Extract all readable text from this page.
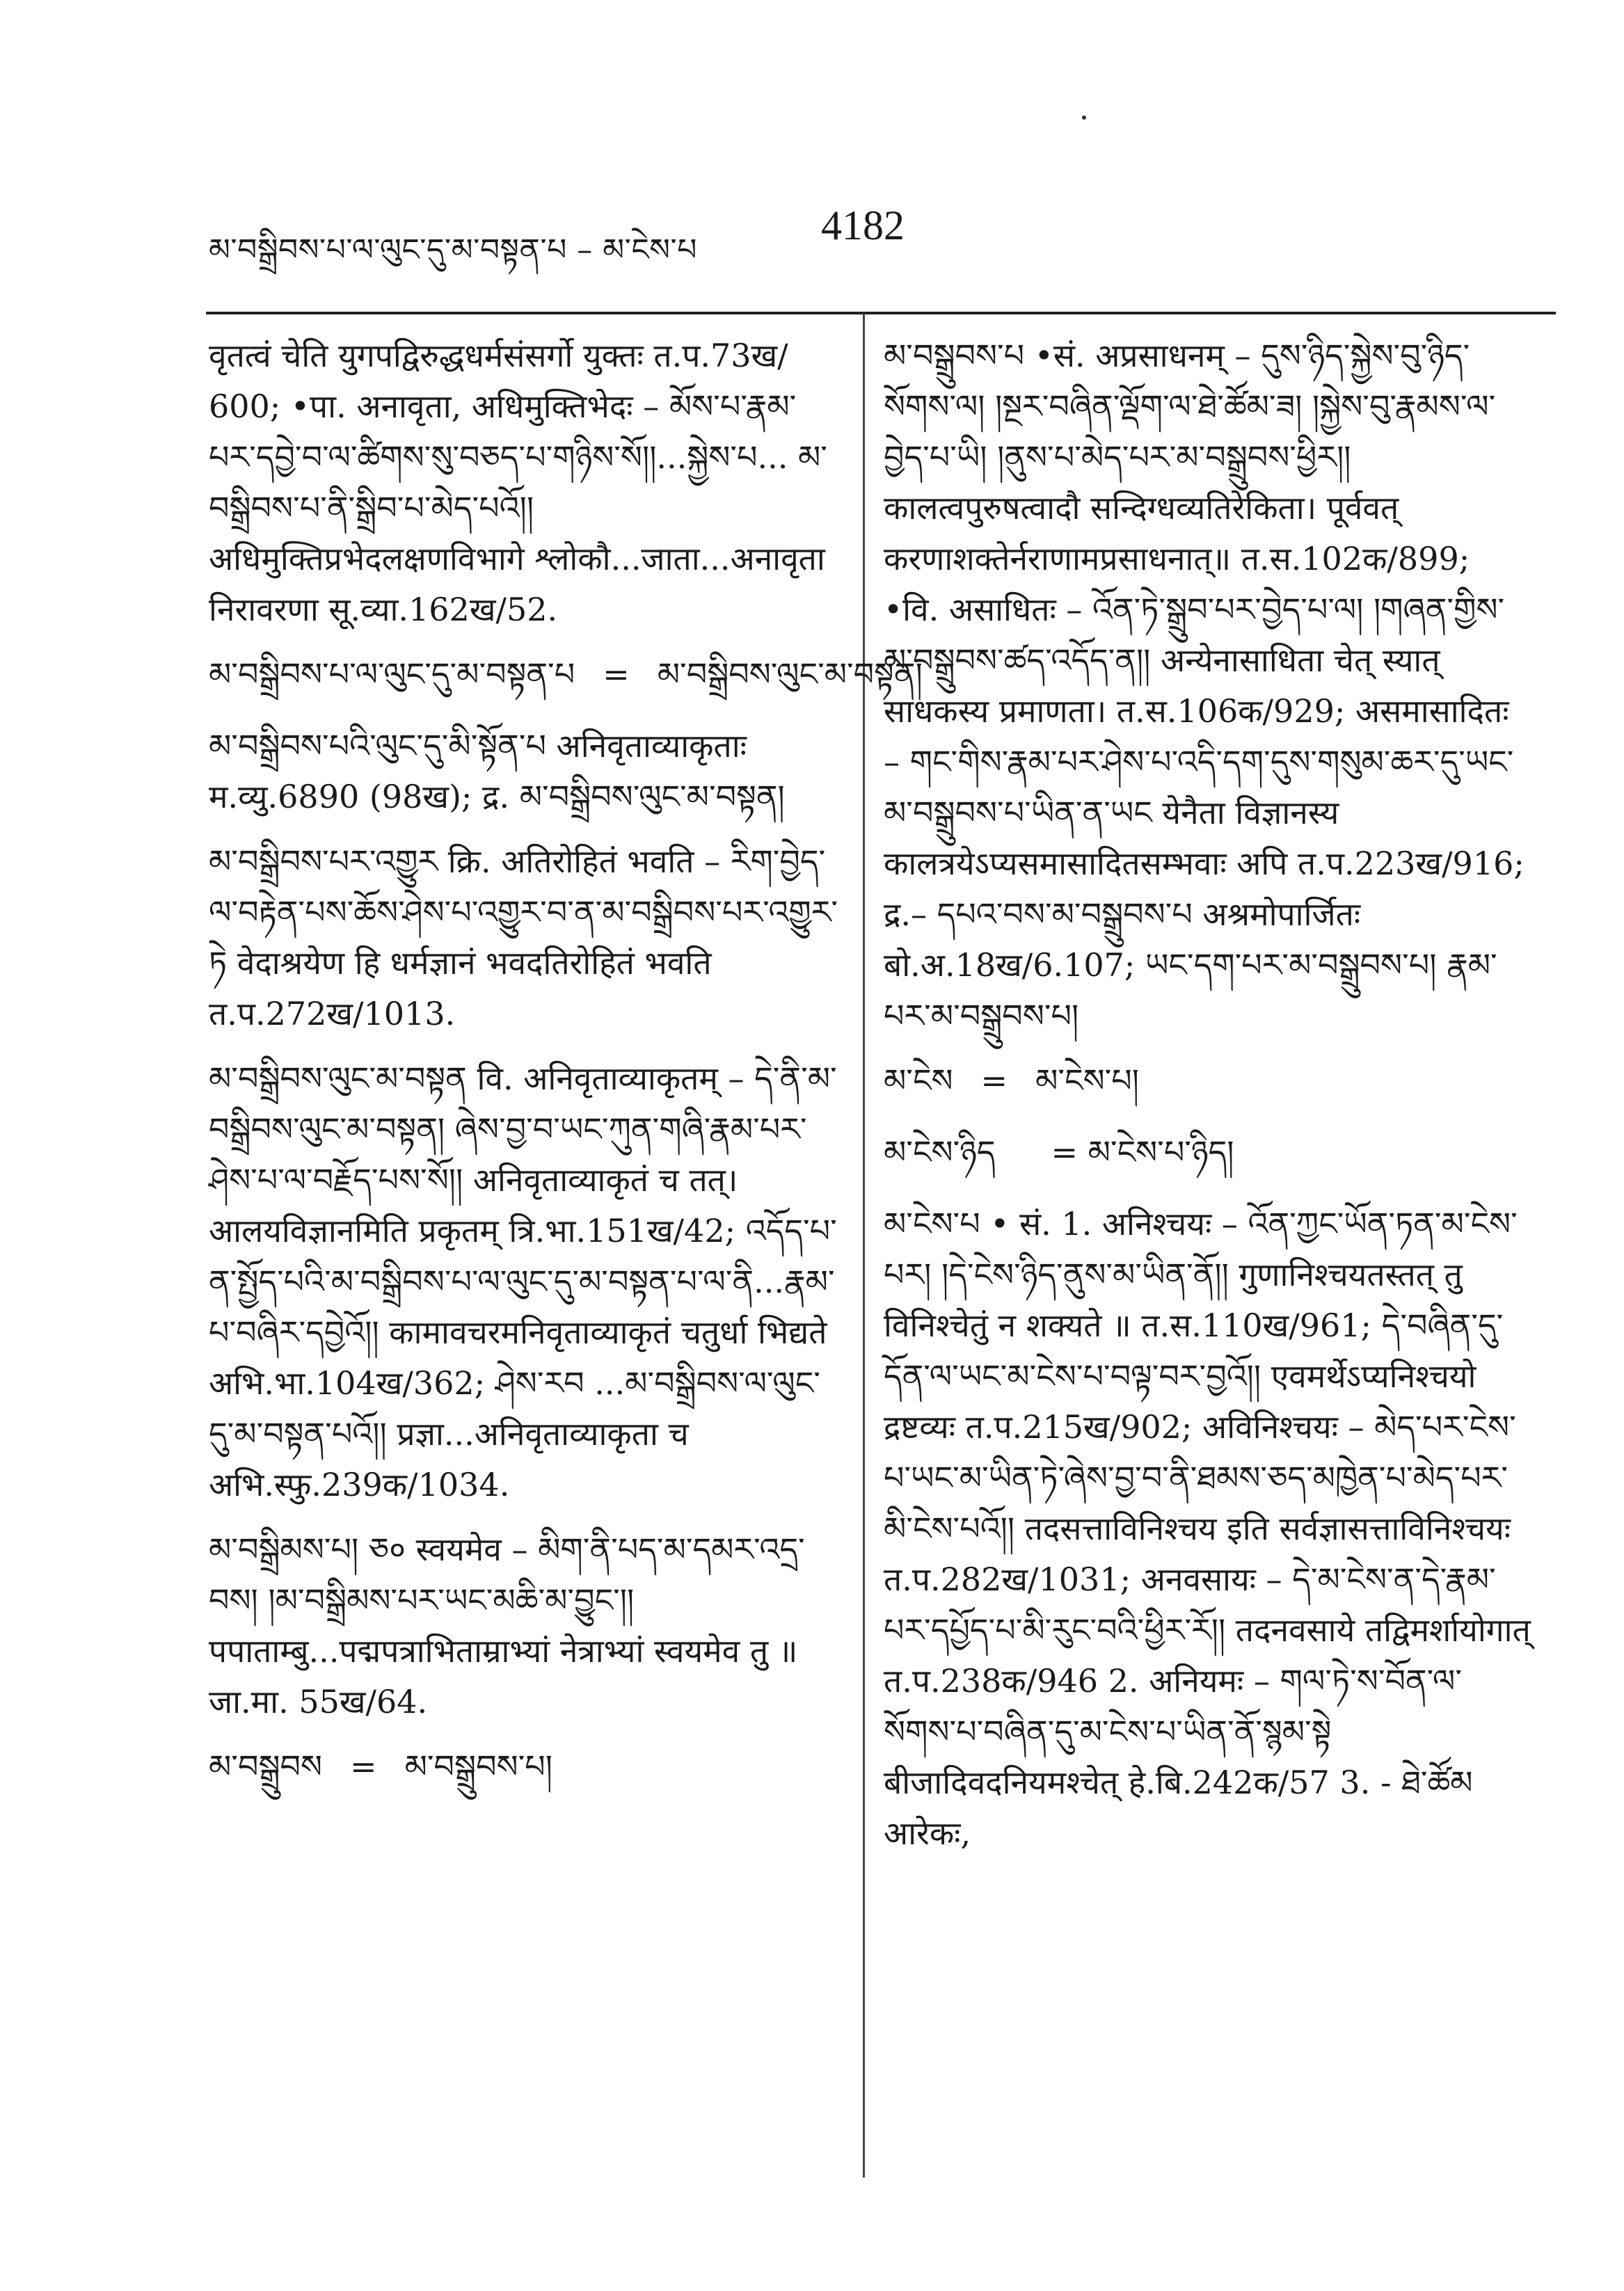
མ་བསྒྲིབས་པ་ལ་ལུང་དུ་མ་བསྟན་པ – མ་ངེས་པ
4182
वृतत्वं चेति युगपद्विरुद्धधर्मसंसर्गो युक्तः त.प.73ख/ 600; •पा. अनावृता, अधिमुक्तिभेदः – མོས་པ་རྣམ་པར་དབྱེ་བ་ལ་ཚིགས་སུ་བཅད་པ་གཉིས་སོ།།...སྐྱེས་པ... མ་བསྒྲིབས་པ་ནི་སྒྲིབ་པ་མེད་པའོ།། अधिमुक्तिप्रभेदलक्षणविभागे श्लोकौ...जाता...अनावृता निरावरणा सू.व्या.162ख/52.
མ་བསྒྲིབས་པ་ལ་ལུང་དུ་མ་བསྟན་པ = མ་བསྒྲིབས་ལུང་མ་བསྟན།
མ་བསྒྲིབས་པའི་ལུང་དུ་མི་སྟོན་པ अनिवृताव्याकृताः म.व्यु.6890 (98ख); द्र. མ་བསྒྲིབས་ལུང་མ་བསྟན།
མ་བསྒྲིབས་པར་འགྱུར क्रि. अतिरोहितं भवति – རིག་བྱེད་ལ་བརྟེན་པས་ཆོས་ཤེས་པ་འགྱུར་བ་ན་མ་བསྒྲིབས་པར་འགྱུར་ཏེ वेदाश्रयेण हि धर्मज्ञानं भवदतिरोहितं भवति त.प.272ख/1013.
མ་བསྒྲིབས་ལུང་མ་བསྟན वि. अनिवृताव्याकृतम् – དེ་ནི་མ་བསྒྲིབས་ལུང་མ་བསྟན། ཞེས་བྱ་བ་ཡང་ཀུན་གཞི་རྣམ་པར་ཤེས་པ་ལ་བརྗོད་པས་སོ།། अनिवृताव्याकृतं च तत्। आलयविज्ञानमिति प्रकृतम् त्रि.भा.151ख/42; འདོད་པ་ན་སྤྱོད་པའི་མ་བསྒྲིབས་པ་ལ་ལུང་དུ་མ་བསྟན་པ་ལ་ནི...རྣམ་པ་བཞིར་དབྱེའོ།། कामावचरमनिवृताव्याकृतं चतुर्धा भिद्यते अभि.भा.104ख/362; ཤེས་རབ ...མ་བསྒྲིབས་ལ་ལུང་དུ་མ་བསྟན་པའོ།། प्रज्ञा...अनिवृताव्याकृता च अभि.स्फु.239क/1034.
མ་བསྒྲིམས་པ། ཅ० स्वयमेव – མིག་ནི་པད་མ་དམར་འདྲ་བས། །མ་བསྒྲིམས་པར་ཡང་མཆི་མ་བྱུང་།། पपाताम्बु...पद्मपत्राभिताम्राभ्यां नेत्राभ्यां स्वयमेव तु ॥ जा.मा. 55ख/64.
མ་བསྒྲུབས = མ་བསྒྲུབས་པ།
མ་བསྒྲུབས་པ •सं. अप्रसाधनम् – དུས་ཉིད་སྐྱེས་བུ་ཉིད་སོགས་ལ། །སྔར་བཞིན་ལྡོག་ལ་ཐེ་ཚོམ་ཟ། །སྐྱེས་བུ་རྣམས་ལ་བྱེད་པ་ཡི། །ནུས་པ་མེད་པར་མ་བསྒྲུབས་ཕྱིར།། कालत्वपुरुषत्वादौ सन्दिग्धव्यतिरेकिता। पूर्ववत् करणाशक्तेर्नराणामप्रसाधनात्॥ त.स.102क/899; •वि. असाधितः – འོན་ཏེ་སྒྲུབ་པར་བྱེད་པ་ལ། །གཞན་གྱིས་མ་བསྒྲུབས་ཚད་འདོད་ན།། अन्येनासाधिता चेत् स्यात् साधकस्य प्रमाणता। त.स.106क/929; असमासादितः – གང་གིས་རྣམ་པར་ཤེས་པ་འདི་དག་དུས་གསུམ་ཆར་དུ་ཡང་མ་བསྒྲུབས་པ་ཡིན་ན་ཡང येनैता विज्ञानस्य कालत्रयेऽप्यसमासादितसम्भवाः अपि त.प.223ख/916; द्र.– དཔའ་བས་མ་བསྒྲུབས་པ अश्रमोपार्जितः बो.अ.18ख/6.107; ཡང་དག་པར་མ་བསྒྲུབས་པ། རྣམ་པར་མ་བསྒྲུབས་པ།
མ་ངེས = མ་ངེས་པ།
མ་ངེས་ཉིད = མ་ངེས་པ་ཉིད།
མ་ངེས་པ • सं. 1. अनिश्चयः – འོན་ཀྱང་ཡོན་ཏན་མ་ངེས་པར། །དེ་ངེས་ཉིད་ནུས་མ་ཡིན་ནོ།། गुणानिश्चयतस्तत् तु विनिश्चेतुं न शक्यते ॥ त.स.110ख/961; དེ་བཞིན་དུ་དོན་ལ་ཡང་མ་ངེས་པ་བལྟ་བར་བྱའོ།། एवमर्थेऽप्यनिश्चयो द्रष्टव्यः त.प.215ख/902; अविनिश्चयः – མེད་པར་ངེས་པ་ཡང་མ་ཡིན་ཏེ་ཞེས་བྱ་བ་ནི་ཐམས་ཅད་མཁྱེན་པ་མེད་པར་མི་ངེས་པའོ།། तदसत्ताविनिश्चय इति सर्वज्ञासत्ताविनिश्चयः त.प.282ख/1031; अनवसायः – དེ་མ་ངེས་ན་དེ་རྣམ་པར་དཔྱོད་པ་མི་རུང་བའི་ཕྱིར་རོ།། तदनवसाये तद्विमर्शायोगात् त.प.238क/946 2. अनियमः – གལ་ཏེ་ས་བོན་ལ་སོགས་པ་བཞིན་དུ་མ་ངེས་པ་ཡིན་ནོ་སྙམ་སྟེ बीजादिवदनियमश्चेत् हे.बि.242क/57 3. - ཐེ་ཚོམ आरेकः,
